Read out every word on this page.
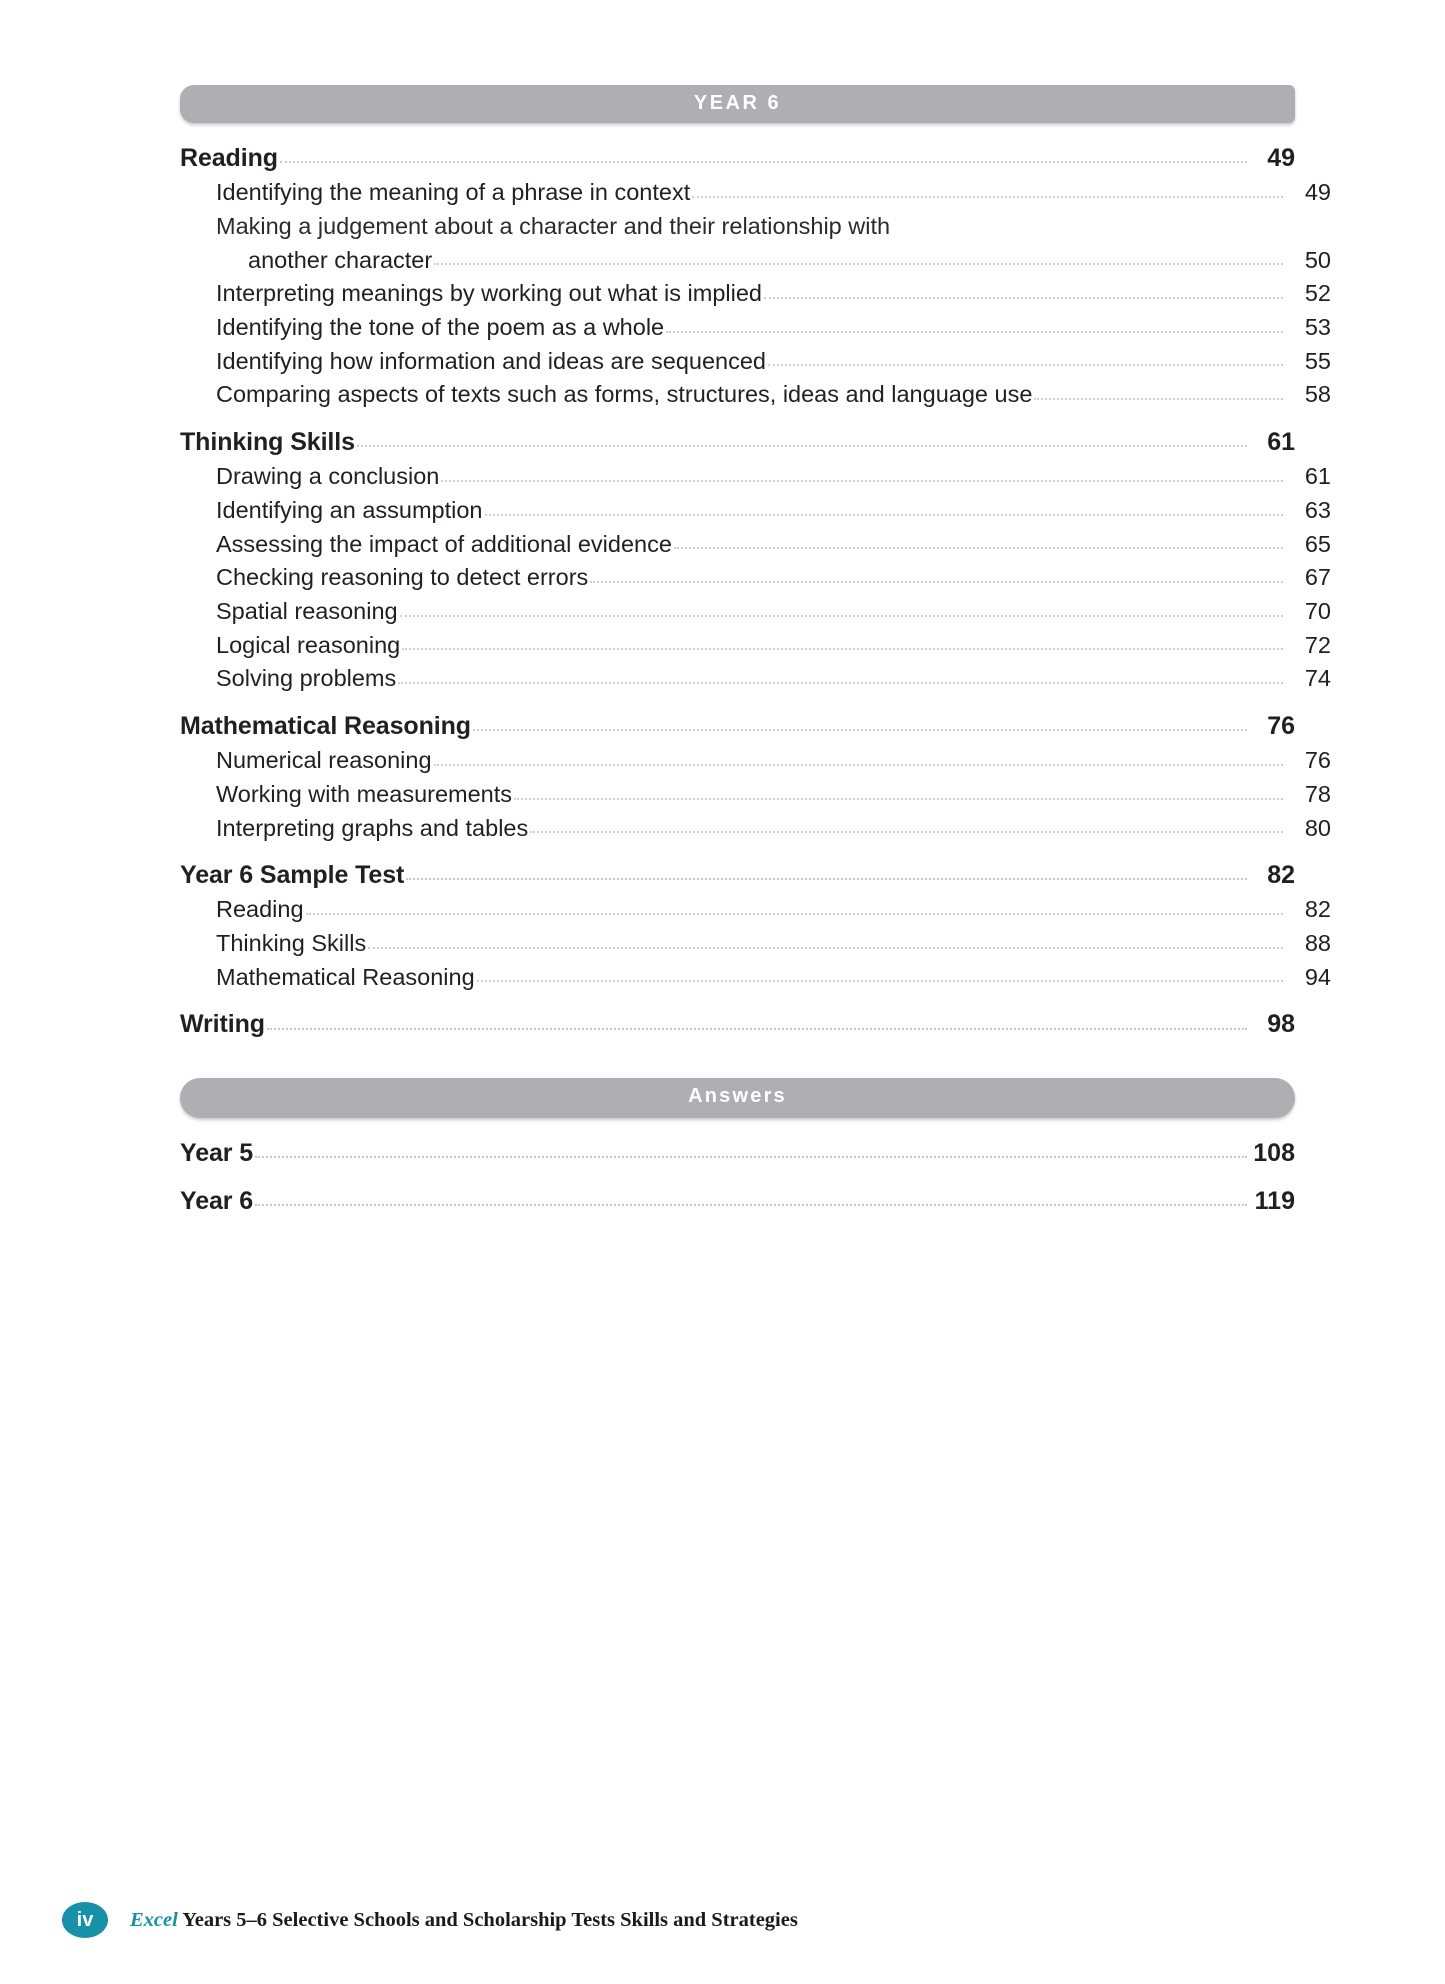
YEAR 6
Reading	49
Identifying the meaning of a phrase in context	49
Making a judgement about a character and their relationship with
another character	50
Interpreting meanings by working out what is implied	52
Identifying the tone of the poem as a whole	53
Identifying how information and ideas are sequenced	55
Comparing aspects of texts such as forms, structures, ideas and language use	58
Thinking Skills	61
Drawing a conclusion	61
Identifying an assumption	63
Assessing the impact of additional evidence	65
Checking reasoning to detect errors	67
Spatial reasoning	70
Logical reasoning	72
Solving problems	74
Mathematical Reasoning	76
Numerical reasoning	76
Working with measurements	78
Interpreting graphs and tables	80
Year 6 Sample Test	82
Reading	82
Thinking Skills	88
Mathematical Reasoning	94
Writing	98
Answers
Year 5	108
Year 6	119
iv	Excel Years 5–6 Selective Schools and Scholarship Tests Skills and Strategies
